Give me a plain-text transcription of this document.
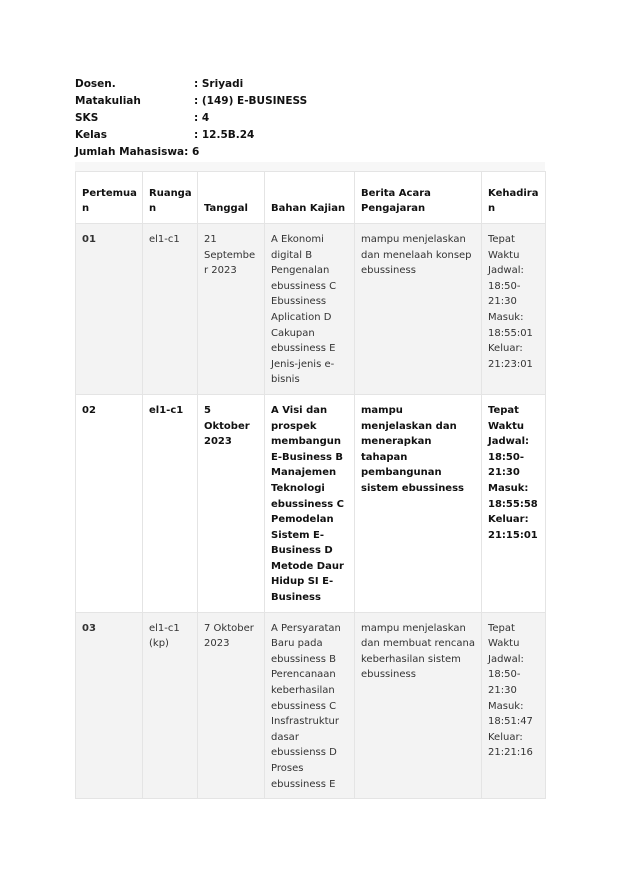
Dosen.	: Sriyadi
Matakuliah	: (149) E-BUSINESS
SKS	: 4
Kelas	: 12.5B.24
Jumlah Mahasiswa : 6
Pertemuan	Ruangan	Tanggal	Bahan Kajian	Berita Acara Pengajaran	Kehadiran
01	el1-c1	21 September 2023	A Ekonomi digital B Pengenalan ebussiness C Ebussiness Aplication D Cakupan ebussiness E Jenis-jenis e-bisnis	mampu menjelaskan dan menelaah konsep ebussiness	Tepat Waktu Jadwal: 18:50-21:30 Masuk: 18:55:01 Keluar: 21:23:01
02	el1-c1	5 Oktober 2023	A Visi dan prospek membangun E-Business B Manajemen Teknologi ebussiness C Pemodelan Sistem E-Business D Metode Daur Hidup SI E-Business	mampu menjelaskan dan menerapkan tahapan pembangunan sistem ebussiness	Tepat Waktu Jadwal: 18:50-21:30 Masuk: 18:55:58 Keluar: 21:15:01
03	el1-c1 (kp)	7 Oktober 2023	A Persyaratan Baru pada ebussiness B Perencanaan keberhasilan ebussiness C Insfrastruktur dasar ebussienss D Proses ebussiness E	mampu menjelaskan dan membuat rencana keberhasilan sistem ebussiness	Tepat Waktu Jadwal: 18:50-21:30 Masuk: 18:51:47 Keluar: 21:21:16
